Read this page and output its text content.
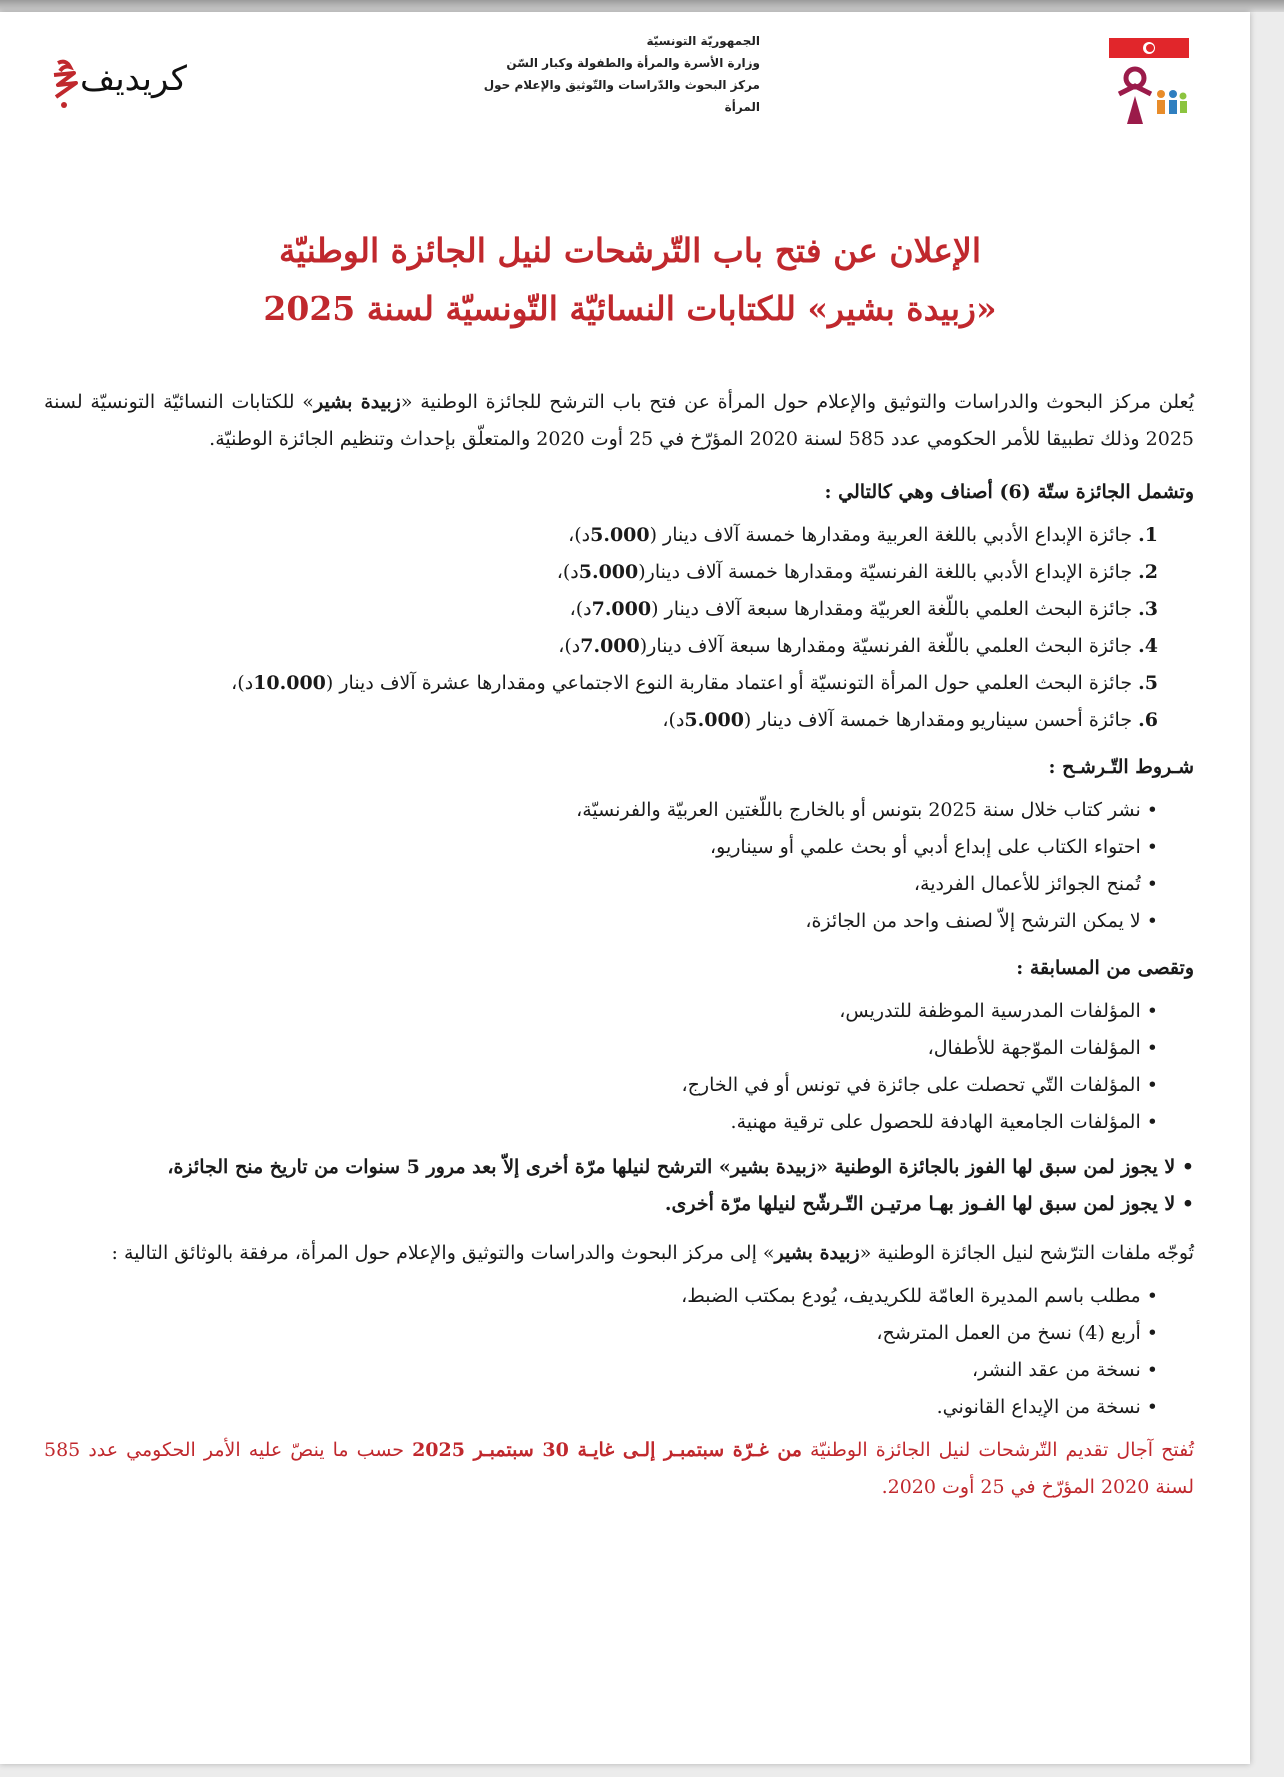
كريديف
الجمهوريّة التونسيّة
وزارة الأسرة والمرأة والطفولة وكبار السّن
مركز البحوث والدّراسات والتّوثيق والإعلام حول المرأة
الإعلان عن فتح باب التّرشحات لنيل الجائزة الوطنيّة
«زبيدة بشير» للكتابات النسائيّة التّونسيّة لسنة 2025

يُعلن مركز البحوث والدراسات والتوثيق والإعلام حول المرأة عن فتح باب الترشح للجائزة الوطنية «زبيدة بشير» للكتابات النسائيّة التونسيّة لسنة 2025 وذلك تطبيقا للأمر الحكومي عدد 585 لسنة 2020 المؤرّخ في 25 أوت 2020 والمتعلّق بإحداث وتنظيم الجائزة الوطنيّة.

وتشمل الجائزة ستّة (6) أصناف وهي كالتالي :
1. جائزة الإبداع الأدبي باللغة العربية ومقدارها خمسة آلاف دينار (5.000د)،
2. جائزة الإبداع الأدبي باللغة الفرنسيّة ومقدارها خمسة آلاف دينار(5.000د)،
3. جائزة البحث العلمي باللّغة العربيّة ومقدارها سبعة آلاف دينار (7.000د)،
4. جائزة البحث العلمي باللّغة الفرنسيّة ومقدارها سبعة آلاف دينار(7.000د)،
5. جائزة البحث العلمي حول المرأة التونسيّة أو اعتماد مقاربة النوع الاجتماعي ومقدارها عشرة آلاف دينار (10.000د)،
6. جائزة أحسن سيناريو ومقدارها خمسة آلاف دينار (5.000د)،
شـروط التّـرشـح :
• نشر كتاب خلال سنة 2025 بتونس أو بالخارج باللّغتين العربيّة والفرنسيّة،
• احتواء الكتاب على إبداع أدبي أو بحث علمي أو سيناريو،
• تُمنح الجوائز للأعمال الفردية،
• لا يمكن الترشح إلاّ لصنف واحد من الجائزة،
وتقصى من المسابقة :
• المؤلفات المدرسية الموظفة للتدريس،
• المؤلفات الموّجهة للأطفال،
• المؤلفات التّي تحصلت على جائزة في تونس أو في الخارج،
• المؤلفات الجامعية الهادفة للحصول على ترقية مهنية.
• لا يجوز لمن سبق لها الفوز بالجائزة الوطنية «زبيدة بشير» الترشح لنيلها مرّة أخرى إلاّ بعد مرور 5 سنوات من تاريخ منح الجائزة،
• لا يجوز لمن سبق لها الفـوز بهـا مرتيـن التّـرشّح لنيلها مرّة أخرى.

تُوجّه ملفات الترّشح لنيل الجائزة الوطنية «زبيدة بشير» إلى مركز البحوث والدراسات والتوثيق والإعلام حول المرأة، مرفقة بالوثائق التالية :

• مطلب باسم المديرة العامّة للكريديف، يُودع بمكتب الضبط،
• أربع (4) نسخ من العمل المترشح،
• نسخة من عقد النشر،
• نسخة من الإيداع القانوني.

تُفتح آجال تقديم التّرشحات لنيل الجائزة الوطنيّة من غـرّة سبتمبـر إلـى غايـة 30 سبتمبـر 2025 حسب ما ينصّ عليه الأمر الحكومي عدد 585 لسنة 2020 المؤرّخ في 25 أوت 2020.
